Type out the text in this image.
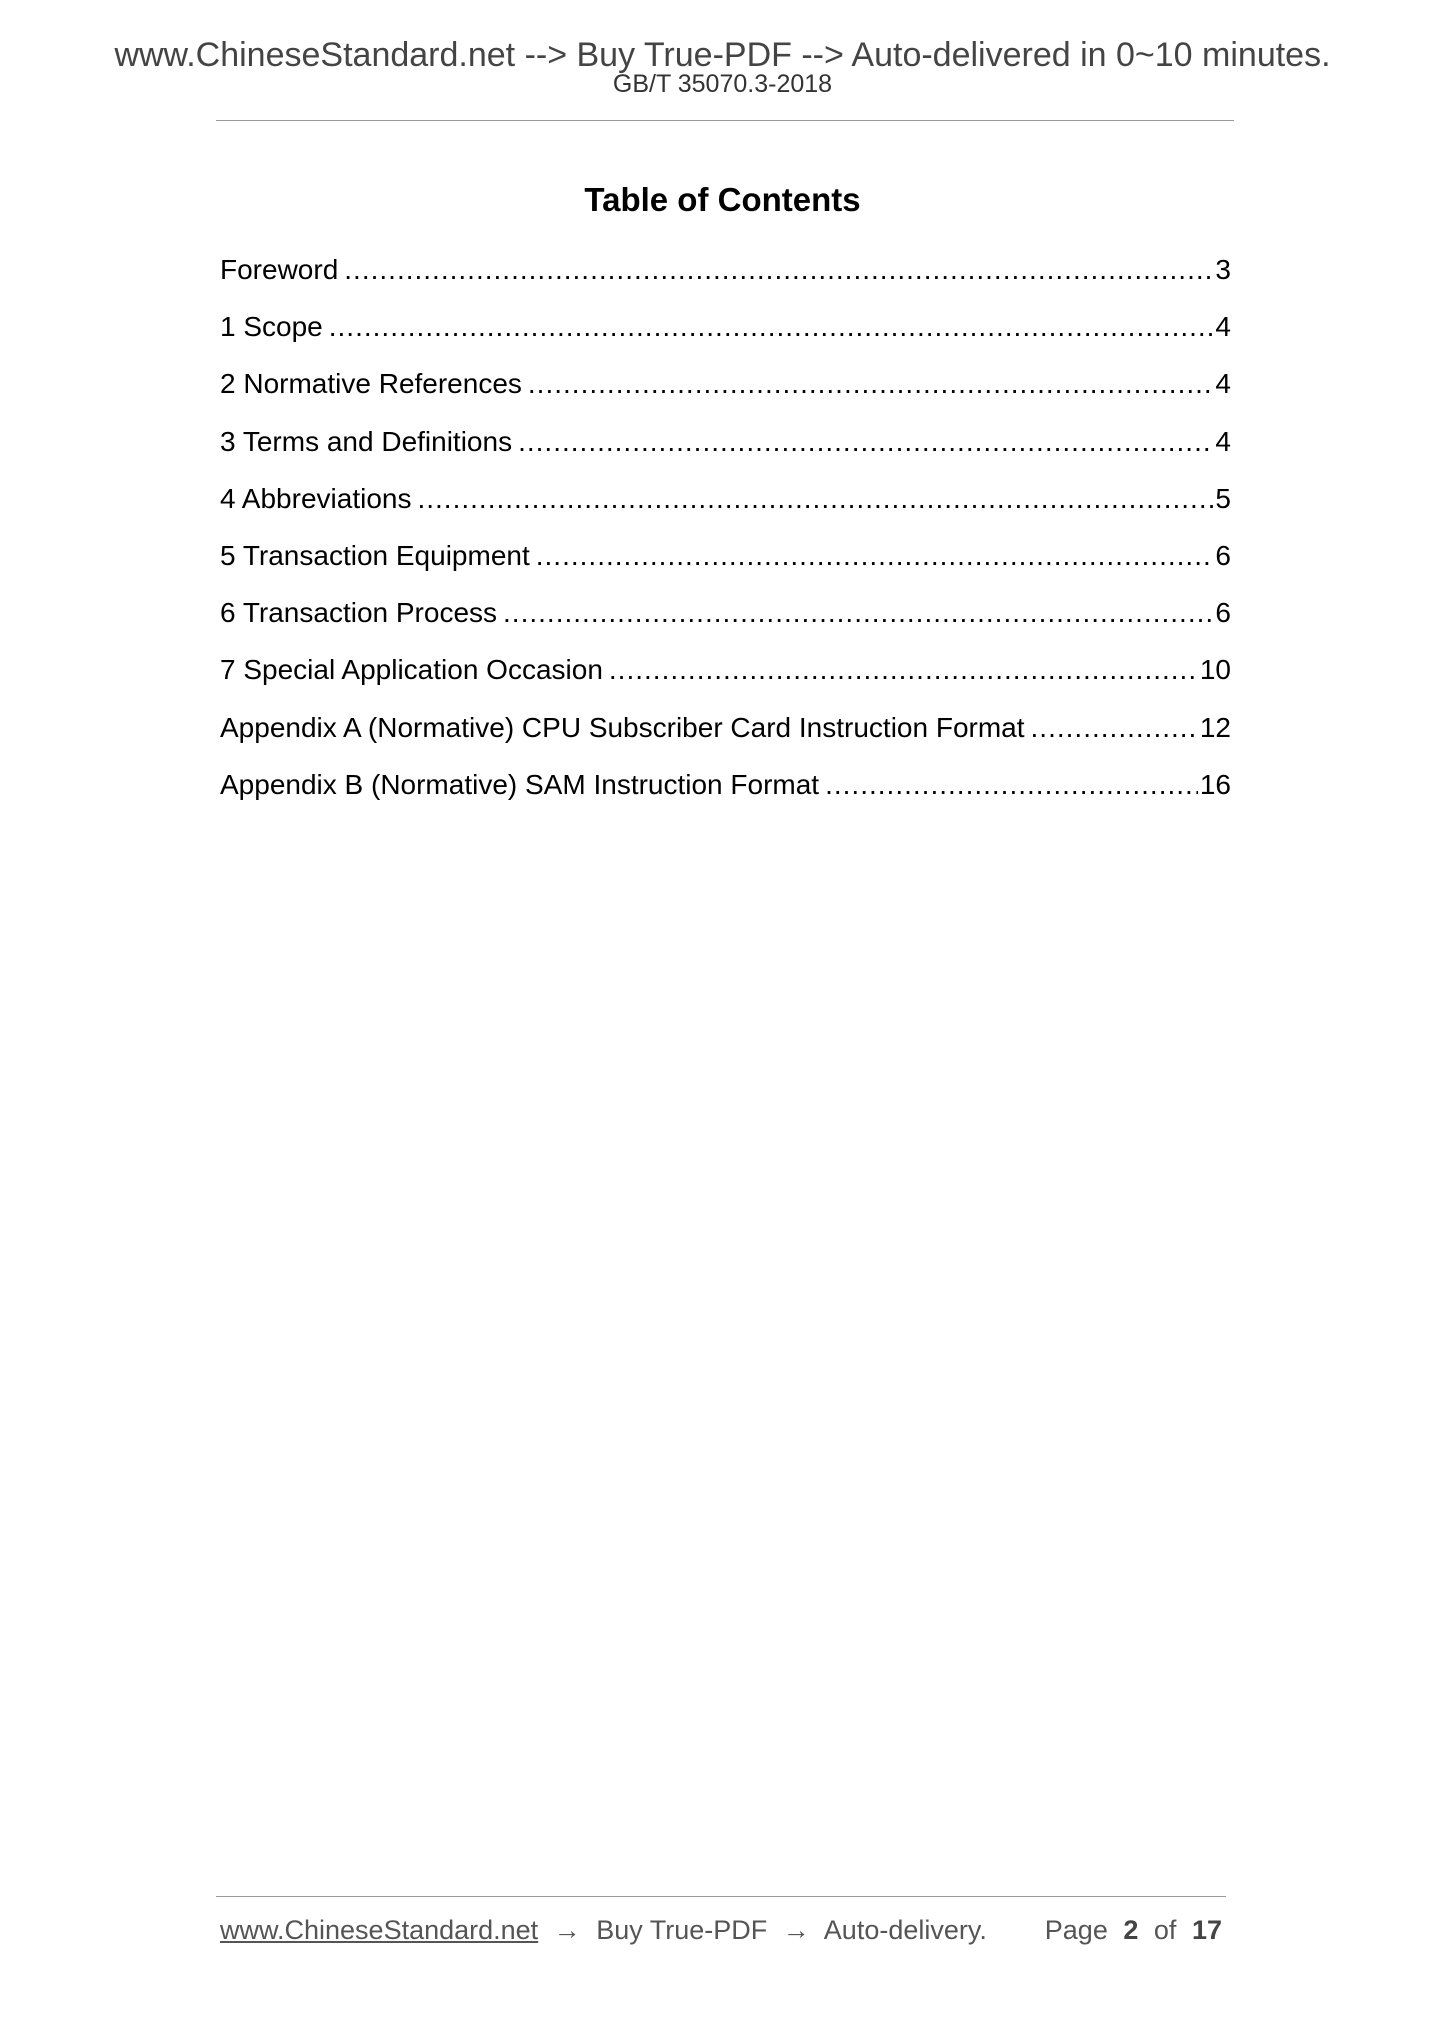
www.ChineseStandard.net --> Buy True-PDF --> Auto-delivered in 0~10 minutes.
GB/T 35070.3-2018
Table of Contents
Foreword .....	3
1 Scope .....	4
2 Normative References .....	4
3 Terms and Definitions .....	4
4 Abbreviations .....	5
5 Transaction Equipment .....	6
6 Transaction Process .....	6
7 Special Application Occasion .....	10
Appendix A (Normative) CPU Subscriber Card Instruction Format .....	12
Appendix B (Normative) SAM Instruction Format .....	16
www.ChineseStandard.net → Buy True-PDF → Auto-delivery. Page 2 of 17
